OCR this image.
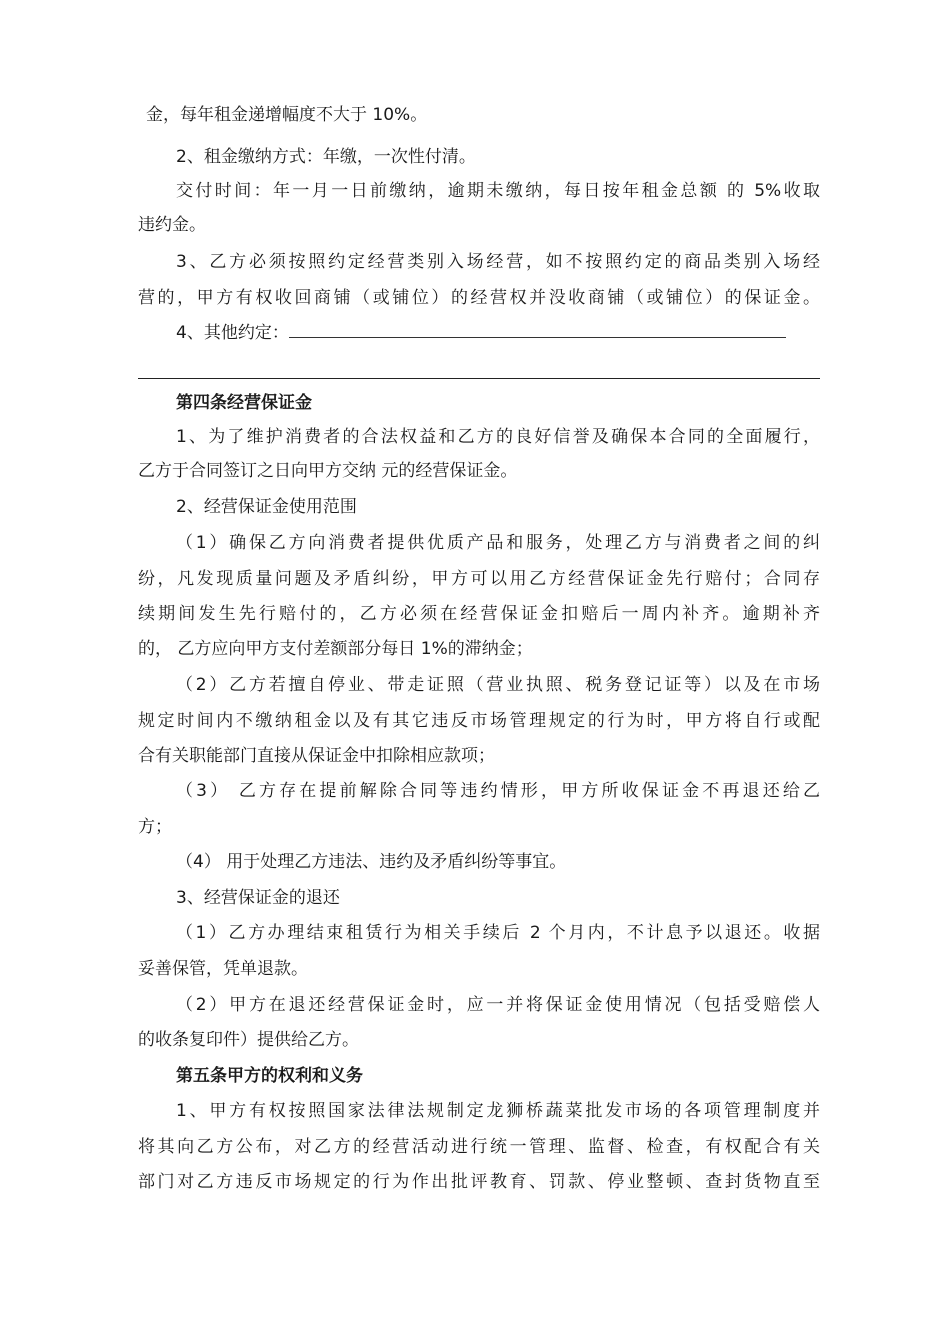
金，每年租金递增幅度不大于 10%。
2、租金缴纳方式：年缴，一次性付清。
交付时间：年一月一日前缴纳，逾期未缴纳，每日按年租金总额 的 5%收取
违约金。
3、乙方必须按照约定经营类别入场经营，如不按照约定的商品类别入场经
营的，甲方有权收回商铺（或铺位）的经营权并没收商铺（或铺位）的保证金。
4、其他约定：
第四条经营保证金
1、为了维护消费者的合法权益和乙方的良好信誉及确保本合同的全面履行，
乙方于合同签订之日向甲方交纳 元的经营保证金。
2、经营保证金使用范围
（1）确保乙方向消费者提供优质产品和服务，处理乙方与消费者之间的纠
纷，凡发现质量问题及矛盾纠纷，甲方可以用乙方经营保证金先行赔付；合同存
续期间发生先行赔付的，乙方必须在经营保证金扣赔后一周内补齐。逾期补齐
的， 乙方应向甲方支付差额部分每日 1%的滞纳金；
（2）乙方若擅自停业、带走证照（营业执照、税务登记证等）以及在市场
规定时间内不缴纳租金以及有其它违反市场管理规定的行为时，甲方将自行或配
合有关职能部门直接从保证金中扣除相应款项；
（3） 乙方存在提前解除合同等违约情形，甲方所收保证金不再退还给乙
方；
（4） 用于处理乙方违法、违约及矛盾纠纷等事宜。
3、经营保证金的退还
（1）乙方办理结束租赁行为相关手续后 2 个月内，不计息予以退还。收据
妥善保管，凭单退款。
（2）甲方在退还经营保证金时，应一并将保证金使用情况（包括受赔偿人
的收条复印件）提供给乙方。
第五条甲方的权利和义务
1、甲方有权按照国家法律法规制定龙狮桥蔬菜批发市场的各项管理制度并
将其向乙方公布，对乙方的经营活动进行统一管理、监督、检查，有权配合有关
部门对乙方违反市场规定的行为作出批评教育、罚款、停业整顿、查封货物直至
